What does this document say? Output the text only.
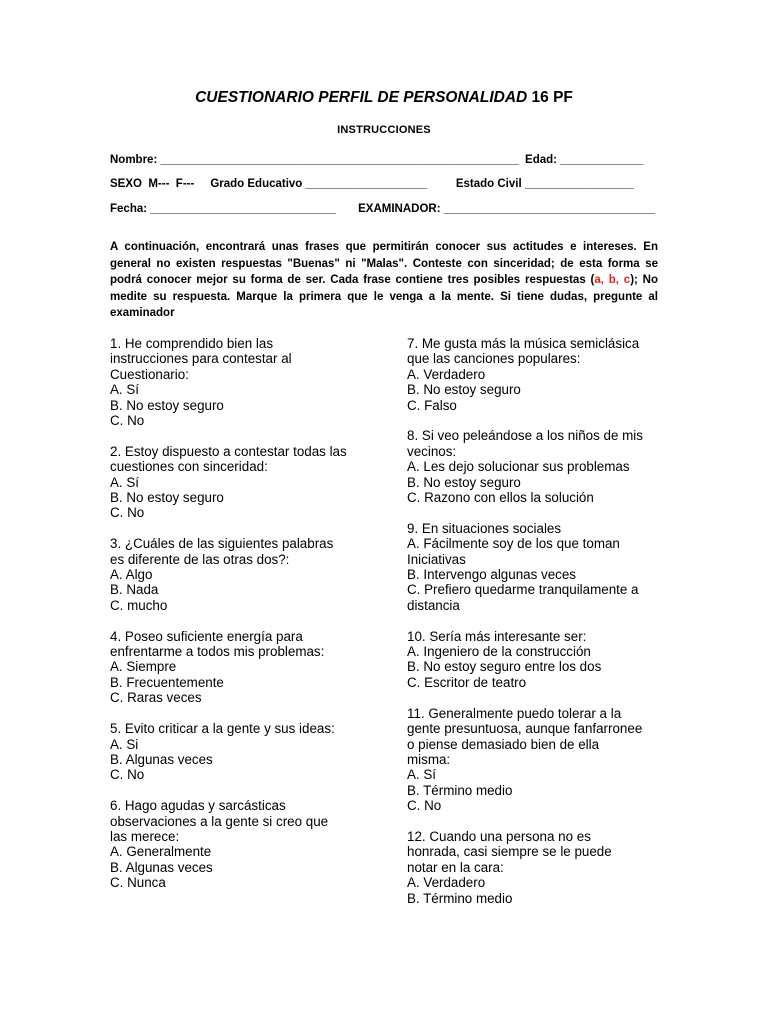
CUESTIONARIO PERFIL DE PERSONALIDAD 16 PF
INSTRUCCIONES
Nombre: ________________________________________________________ Edad: _____________
SEXO  M---  F--- Grado Educativo ___________________	Estado Civil _________________
Fecha: _____________________________ EXAMINADOR: _________________________________
A continuación, encontrará unas frases que permitirán conocer sus actitudes e intereses. En general no existen respuestas "Buenas" ni "Malas". Conteste con sinceridad; de esta forma se podrá conocer mejor su forma de ser. Cada frase contiene tres posibles respuestas (a, b, c); No medite su respuesta. Marque la primera que le venga a la mente. Si tiene dudas, pregunte al examinador
1. He comprendido bien las
instrucciones para contestar al
Cuestionario:
A. Sí
B. No estoy seguro
C. No
2. Estoy dispuesto a contestar todas las
cuestiones con sinceridad:
A. Sí
B. No estoy seguro
C. No
3. ¿Cuáles de las siguientes palabras
es diferente de las otras dos?:
A. Algo
B. Nada
C. mucho
4. Poseo suficiente energía para
enfrentarme a todos mis problemas:
A. Siempre
B. Frecuentemente
C. Raras veces
5. Evito criticar a la gente y sus ideas:
A. Si
B. Algunas veces
C. No
6. Hago agudas y sarcásticas
observaciones a la gente si creo que
las merece:
A. Generalmente
B. Algunas veces
C. Nunca
7. Me gusta más la música semiclásica
que las canciones populares:
A. Verdadero
B. No estoy seguro
C. Falso
8. Si veo peleándose a los niños de mis
vecinos:
A. Les dejo solucionar sus problemas
B. No estoy seguro
C. Razono con ellos la solución
9. En situaciones sociales
A. Fácilmente soy de los que toman
Iniciativas
B. Intervengo algunas veces
C. Prefiero quedarme tranquilamente a
distancia
10. Sería más interesante ser:
A. Ingeniero de la construcción
B. No estoy seguro entre los dos
C. Escritor de teatro
11. Generalmente puedo tolerar a la
gente presuntuosa, aunque fanfarronee
o piense demasiado bien de ella
misma:
A. Sí
B. Término medio
C. No
12. Cuando una persona no es
honrada, casi siempre se le puede
notar en la cara:
A. Verdadero
B. Término medio
